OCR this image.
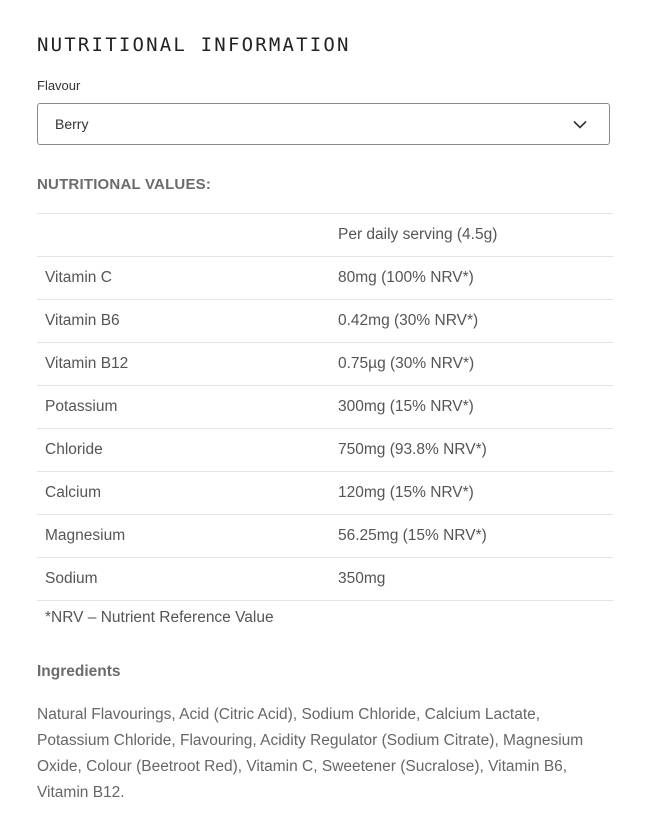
NUTRITIONAL INFORMATION
Flavour
Berry
NUTRITIONAL VALUES:
Per daily serving (4.5g)
Vitamin C	80mg (100% NRV*)
Vitamin B6	0.42mg (30% NRV*)
Vitamin B12	0.75µg (30% NRV*)
Potassium	300mg (15% NRV*)
Chloride	750mg (93.8% NRV*)
Calcium	120mg (15% NRV*)
Magnesium	56.25mg (15% NRV*)
Sodium	350mg
*NRV – Nutrient Reference Value
Ingredients
Natural Flavourings, Acid (Citric Acid), Sodium Chloride, Calcium Lactate, Potassium Chloride, Flavouring, Acidity Regulator (Sodium Citrate), Magnesium Oxide, Colour (Beetroot Red), Vitamin C, Sweetener (Sucralose), Vitamin B6, Vitamin B12.
